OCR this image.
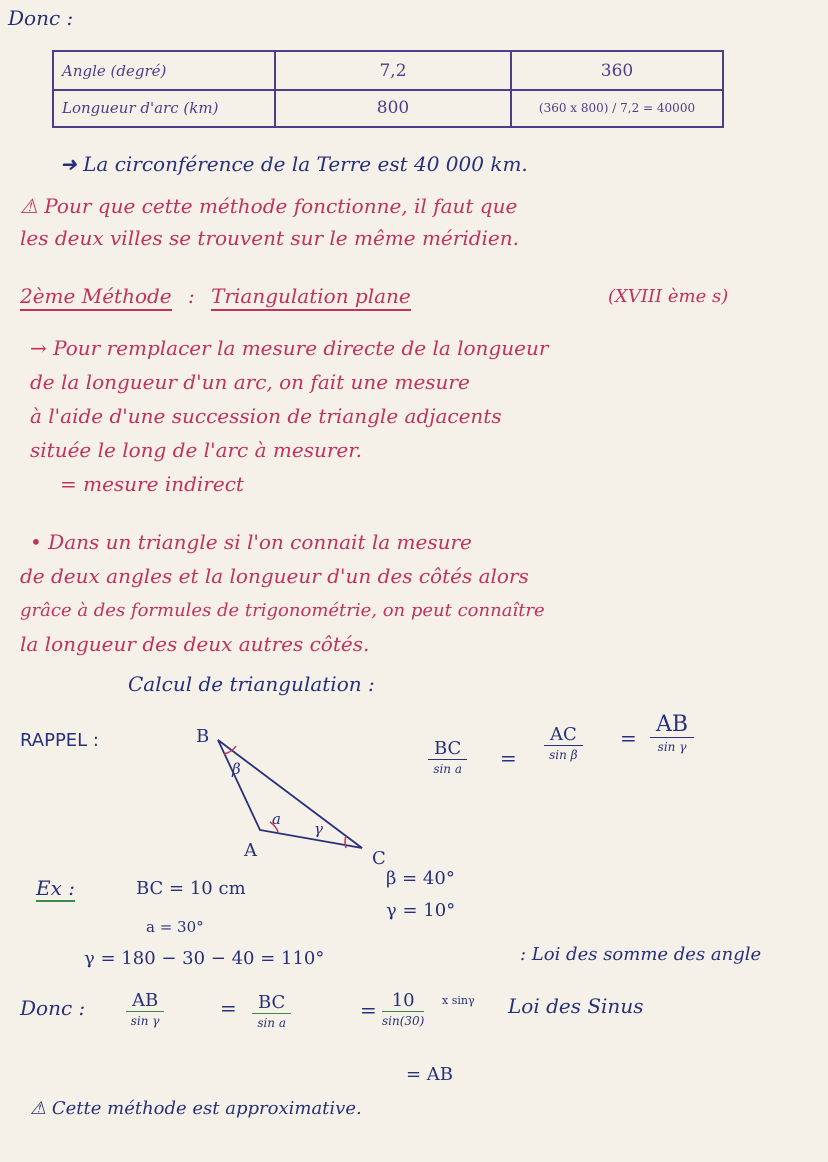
Donc :
Angle (degré)	7,2	360
Longueur d'arc (km)	800	(360 x 800) / 7,2 = 40000
➜ La circonférence de la Terre est 40 000 km.
⚠ Pour que cette méthode fonctionne, il faut que
les deux villes se trouvent sur le même méridien.
2ème Méthode : Triangulation plane	(XVIII ème s)
→ Pour remplacer la mesure directe de la longueur
de la longueur d'un arc, on fait une mesure
à l'aide d'une succession de triangle adjacents
située le long de l'arc à mesurer.
= mesure indirect
• Dans un triangle si l'on connait la mesure
de deux angles et la longueur d'un des côtés alors
grâce à des formules de trigonométrie, on peut connaître
la longueur des deux autres côtés.
Calcul de triangulation :
RAPPEL :	B
A	C
β
a
γ
BC
sin a =
AC
sin β
=
AB
sin γ
Ex :	BC = 10 cm
a = 30°
β = 40°
γ = 10°
γ = 180 − 30 − 40 = 110°	: Loi des somme des angle
Donc :	AB
sin γ
=	BC
sin a
= 10
sin(30)
x sinγ Loi des Sinus
= AB
⚠ Cette méthode est approximative.
